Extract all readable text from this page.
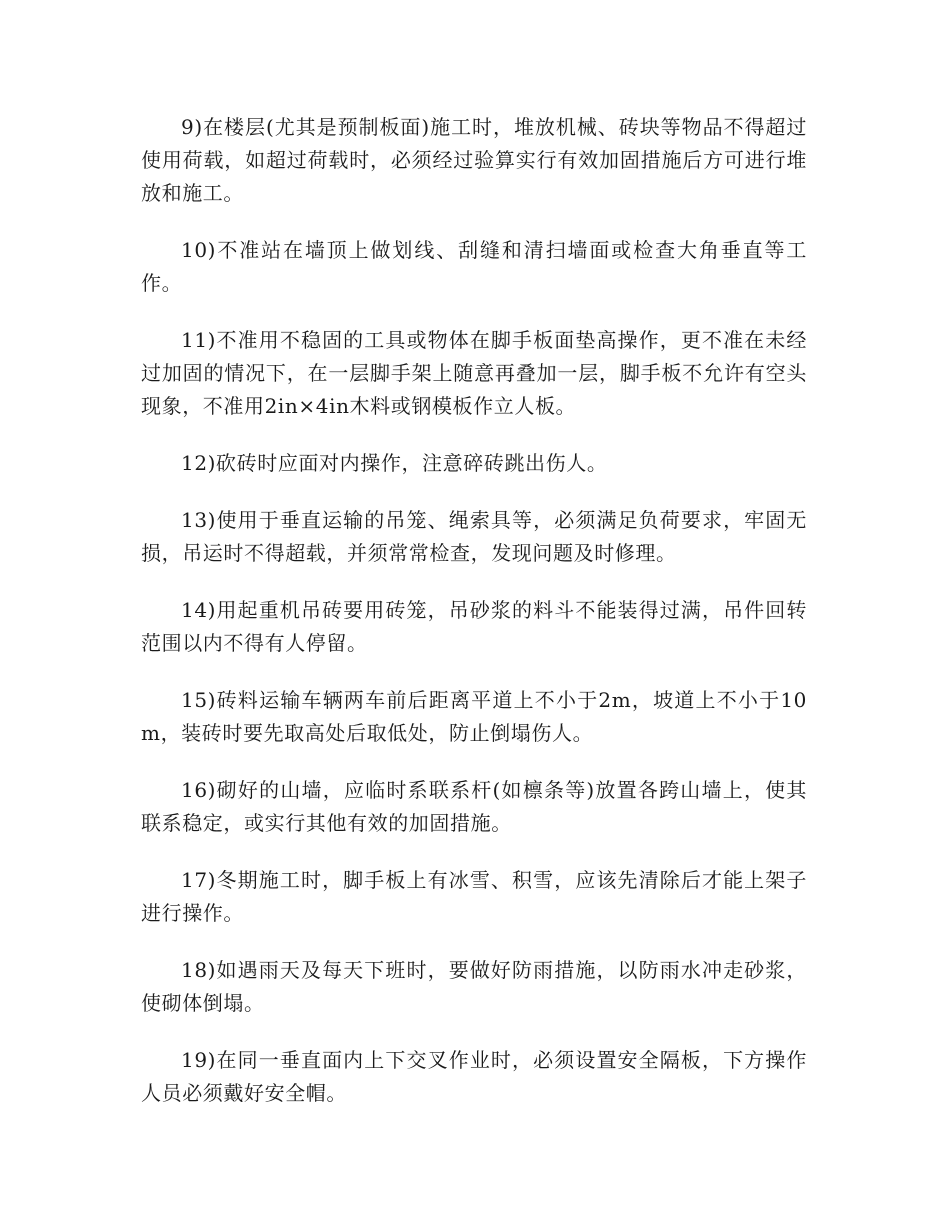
9)在楼层(尤其是预制板面)施工时，堆放机械、砖块等物品不得超过使用荷载，如超过荷载时，必须经过验算实行有效加固措施后方可进行堆放和施工。

10)不准站在墙顶上做划线、刮缝和清扫墙面或检查大角垂直等工作。

11)不准用不稳固的工具或物体在脚手板面垫高操作，更不准在未经过加固的情况下，在一层脚手架上随意再叠加一层，脚手板不允许有空头现象，不准用2in×4in木料或钢模板作立人板。

12)砍砖时应面对内操作，注意碎砖跳出伤人。

13)使用于垂直运输的吊笼、绳索具等，必须满足负荷要求，牢固无损，吊运时不得超载，并须常常检查，发现问题及时修理。

14)用起重机吊砖要用砖笼，吊砂浆的料斗不能装得过满，吊件回转范围以内不得有人停留。

15)砖料运输车辆两车前后距离平道上不小于2m，坡道上不小于10m，装砖时要先取高处后取低处，防止倒塌伤人。

16)砌好的山墙，应临时系联系杆(如檩条等)放置各跨山墙上，使其联系稳定，或实行其他有效的加固措施。

17)冬期施工时，脚手板上有冰雪、积雪，应该先清除后才能上架子进行操作。

18)如遇雨天及每天下班时，要做好防雨措施，以防雨水冲走砂浆，使砌体倒塌。

19)在同一垂直面内上下交叉作业时，必须设置安全隔板，下方操作人员必须戴好安全帽。
